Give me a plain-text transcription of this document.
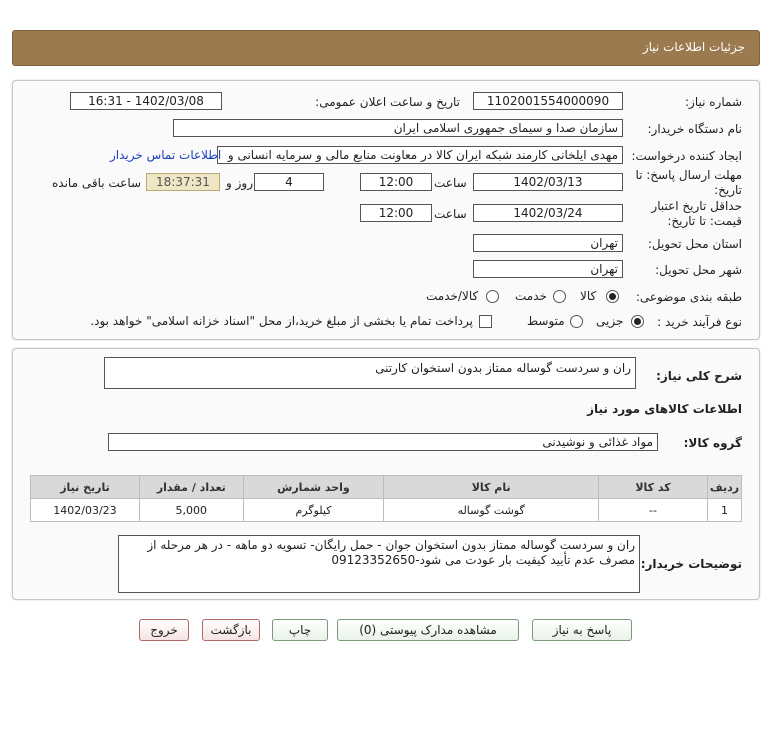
جزئیات اطلاعات نیاز
شماره نیاز:
1102001554000090
تاریخ و ساعت اعلان عمومی:
1402/03/08 - 16:31
نام دستگاه خریدار:
سازمان صدا و سیمای جمهوری اسلامی ایران
ایجاد کننده درخواست:
مهدی ایلخانی کارمند شبکه ایران کالا در معاونت منابع مالی و سرمایه انسانی و
اطلاعات تماس خریدار
مهلت ارسال پاسخ: تا تاریخ:
1402/03/13
ساعت
12:00
4
روز و
18:37:31
ساعت باقی مانده
حداقل تاریخ اعتبار
قیمت: تا تاریخ:
1402/03/24
ساعت
12:00
استان محل تحویل:
تهران
شهر محل تحویل:
تهران
طبقه بندی موضوعی:
کالا
خدمت
کالا/خدمت
نوع فرآیند خرید :
جزیی
متوسط
پرداخت تمام یا بخشی از مبلغ خرید،از محل "اسناد خزانه اسلامی" خواهد بود.
شرح کلی نیاز:
ران و سردست گوساله ممتاز بدون استخوان کارتنی
اطلاعات کالاهای مورد نیاز
گروه کالا:
مواد غذائی و نوشیدنی
ردیف	کد کالا	نام کالا	واحد شمارش	تعداد / مقدار	تاریخ نیاز
1	--	گوشت گوساله	کیلوگرم	5,000	1402/03/23
توضیحات خریدار:
ران و سردست گوساله ممتاز بدون استخوان جوان - حمل رایگان- تسویه دو ماهه - در هر مرحله از مصرف عدم تأیید کیفیت بار عودت می شود-09123352650
پاسخ به نیاز
مشاهده مدارک پیوستی (0)
چاپ
بازگشت
خروج
